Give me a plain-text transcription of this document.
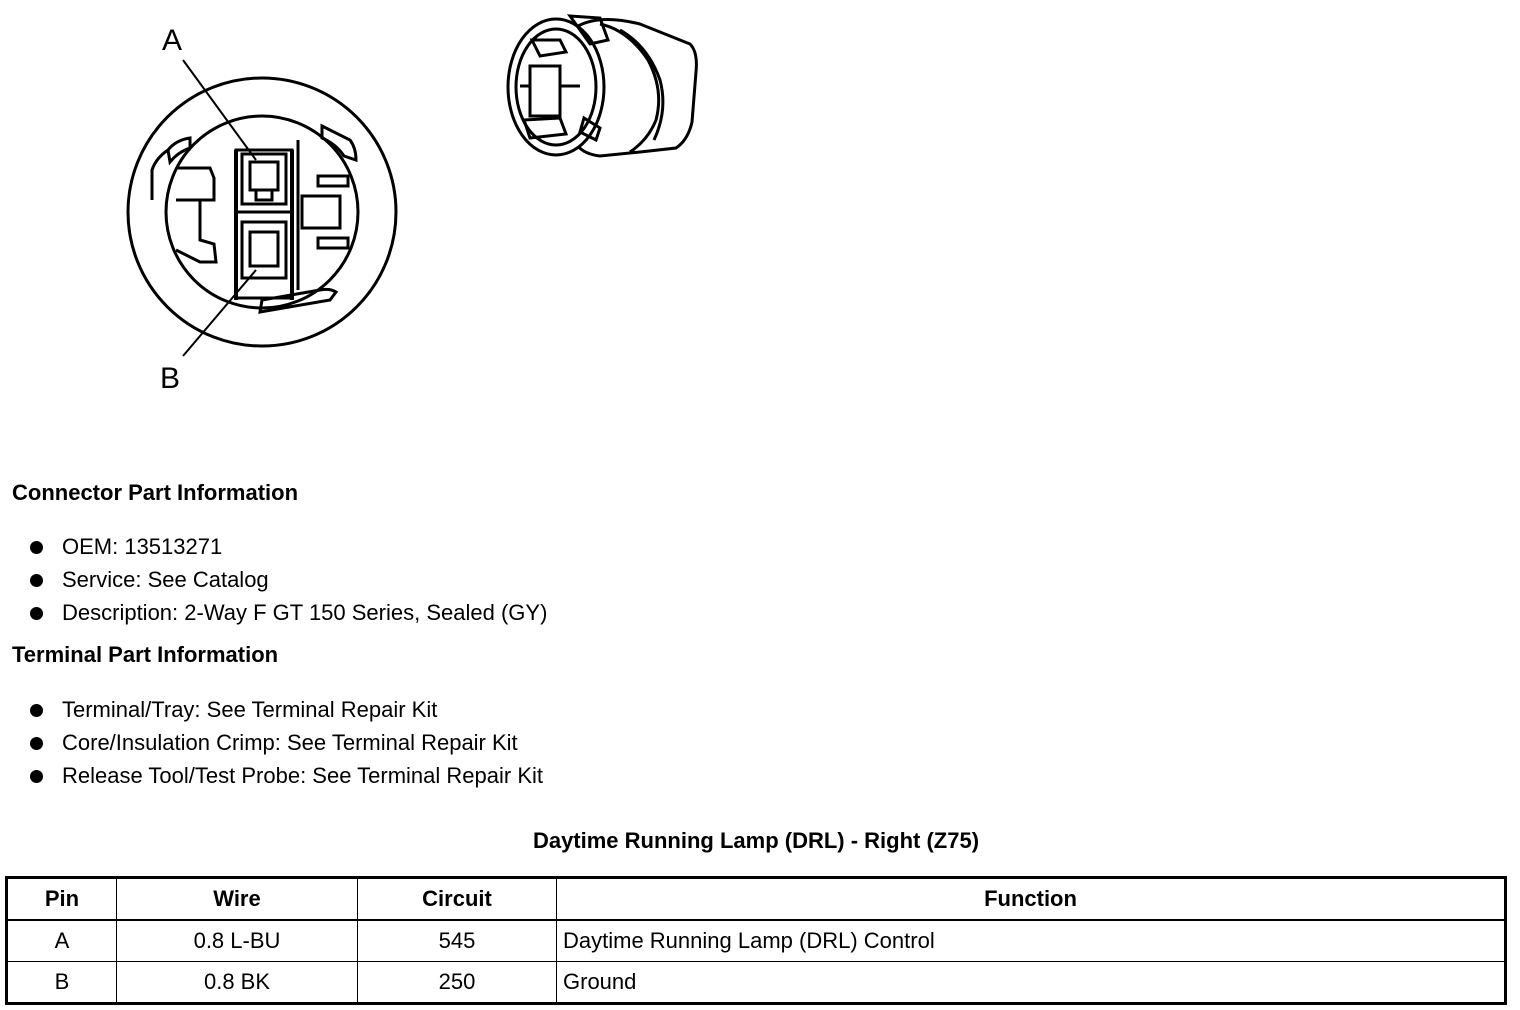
A
B
Connector Part Information
OEM: 13513271
Service: See Catalog
Description: 2-Way F GT 150 Series, Sealed (GY)
Terminal Part Information
Terminal/Tray: See Terminal Repair Kit
Core/Insulation Crimp: See Terminal Repair Kit
Release Tool/Test Probe: See Terminal Repair Kit
Daytime Running Lamp (DRL) - Right (Z75)
Pin	Wire	Circuit	Function
A	0.8 L-BU	545	Daytime Running Lamp (DRL) Control
B	0.8 BK	250	Ground
